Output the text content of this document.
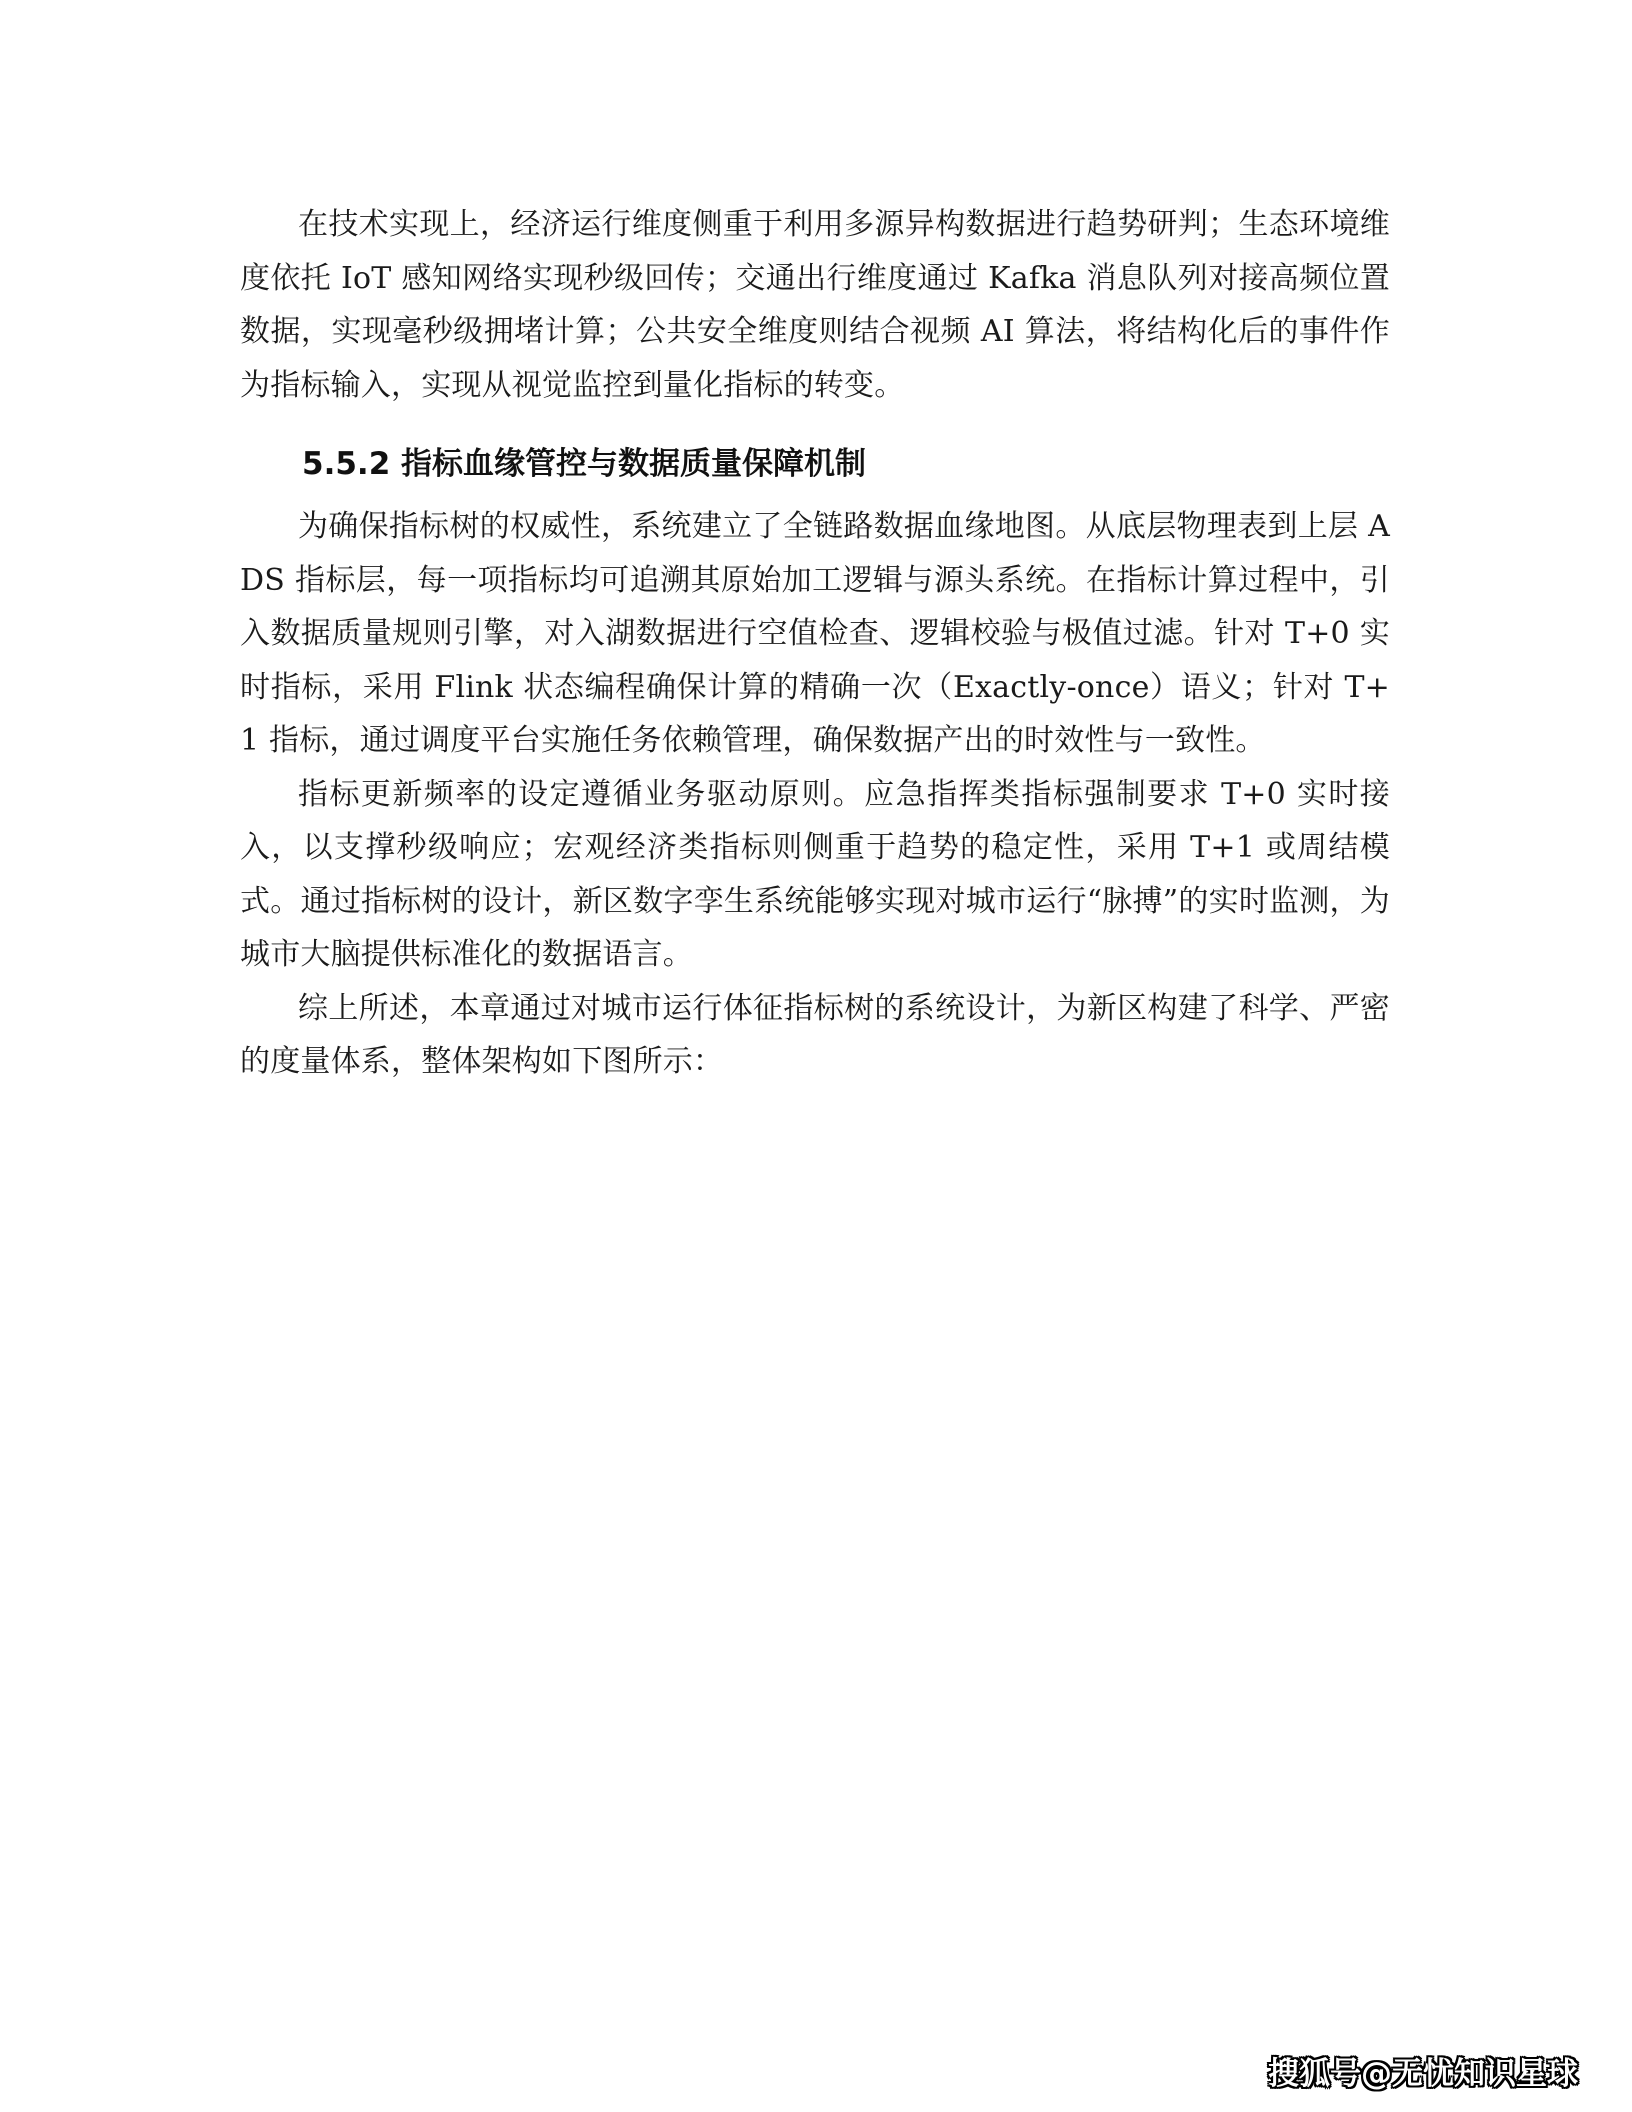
在技术实现上，经济运行维度侧重于利用多源异构数据进行趋势研判；生态环境维度依托 IoT 感知网络实现秒级回传；交通出行维度通过 Kafka 消息队列对接高频位置数据，实现毫秒级拥堵计算；公共安全维度则结合视频 AI 算法，将结构化后的事件作为指标输入，实现从视觉监控到量化指标的转变。

5.5.2 指标血缘管控与数据质量保障机制

为确保指标树的权威性，系统建立了全链路数据血缘地图。从底层物理表到上层 ADS 指标层，每一项指标均可追溯其原始加工逻辑与源头系统。在指标计算过程中，引入数据质量规则引擎，对入湖数据进行空值检查、逻辑校验与极值过滤。针对 T+0 实时指标，采用 Flink 状态编程确保计算的精确一次（Exactly-once）语义；针对 T+1 指标，通过调度平台实施任务依赖管理，确保数据产出的时效性与一致性。

指标更新频率的设定遵循业务驱动原则。应急指挥类指标强制要求 T+0 实时接入，以支撑秒级响应；宏观经济类指标则侧重于趋势的稳定性，采用 T+1 或周结模式。通过指标树的设计，新区数字孪生系统能够实现对城市运行“脉搏”的实时监测，为城市大脑提供标准化的数据语言。

综上所述，本章通过对城市运行体征指标树的系统设计，为新区构建了科学、严密的度量体系，整体架构如下图所示：

搜狐号@无忧知识星球
